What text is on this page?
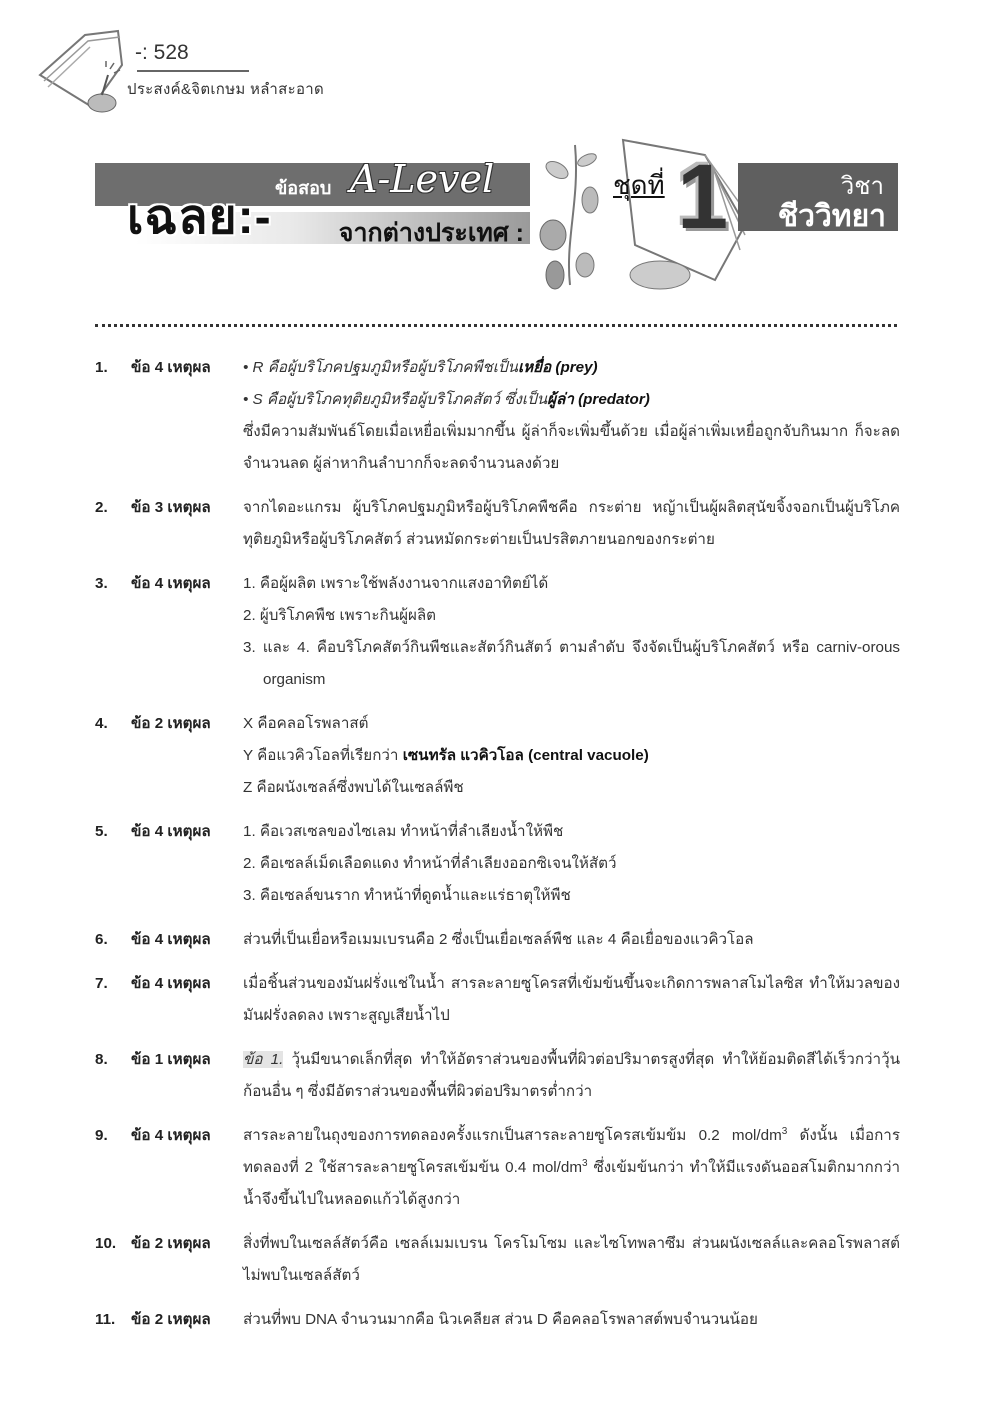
-: 528
ประสงค์&จิตเกษม หลำสะอาด
ข้อสอบ A-Level
เฉลย:-	จากต่างประเทศ :
ชุดที่ 1	วิชา
ชีววิทยา
1. ข้อ 4 เหตุผล • R คือผู้บริโภคปฐมภูมิหรือผู้บริโภคพืชเป็นเหยื่อ (prey)
• S คือผู้บริโภคทุติยภูมิหรือผู้บริโภคสัตว์ ซึ่งเป็นผู้ล่า (predator)
ซึ่งมีความสัมพันธ์โดยเมื่อเหยื่อเพิ่มมากขึ้น ผู้ล่าก็จะเพิ่มขึ้นด้วย เมื่อผู้ล่าเพิ่มเหยื่อถูกจับกินมาก ก็จะลดจำนวนลด ผู้ล่าหากินลำบากก็จะลดจำนวนลงด้วย
2. ข้อ 3 เหตุผล จากไดอะแกรม ผู้บริโภคปฐมภูมิหรือผู้บริโภคพืชคือ กระต่าย หญ้าเป็นผู้ผลิตสุนัขจิ้งจอกเป็นผู้บริโภคทุติยภูมิหรือผู้บริโภคสัตว์ ส่วนหมัดกระต่ายเป็นปรสิตภายนอกของกระต่าย
3. ข้อ 4 เหตุผล 1. คือผู้ผลิต เพราะใช้พลังงานจากแสงอาทิตย์ได้
2. ผู้บริโภคพืช เพราะกินผู้ผลิต
3. และ 4. คือบริโภคสัตว์กินพืชและสัตว์กินสัตว์ ตามลำดับ จึงจัดเป็นผู้บริโภคสัตว์ หรือ carniv-orous organism
4. ข้อ 2 เหตุผล X คือคลอโรพลาสต์
Y คือแวคิวโอลที่เรียกว่า เซนทรัล แวคิวโอล (central vacuole)
Z คือผนังเซลล์ซึ่งพบได้ในเซลล์พืช
5. ข้อ 4 เหตุผล 1. คือเวสเซลของไซเลม ทำหน้าที่ลำเลียงน้ำให้พืช
2. คือเซลล์เม็ดเลือดแดง ทำหน้าที่ลำเลียงออกซิเจนให้สัตว์
3. คือเซลล์ขนราก ทำหน้าที่ดูดน้ำและแร่ธาตุให้พืช
6. ข้อ 4 เหตุผล ส่วนที่เป็นเยื่อหรือเมมเบรนคือ 2 ซึ่งเป็นเยื่อเซลล์พืช และ 4 คือเยื่อของแวคิวโอล
7. ข้อ 4 เหตุผล เมื่อชิ้นส่วนของมันฝรั่งแช่ในน้ำ สารละลายซูโครสที่เข้มข้นขึ้นจะเกิดการพลาสโมไลซิส ทำให้มวลของมันฝรั่งลดลง เพราะสูญเสียน้ำไป
8. ข้อ 1 เหตุผล ข้อ 1. วุ้นมีขนาดเล็กที่สุด ทำให้อัตราส่วนของพื้นที่ผิวต่อปริมาตรสูงที่สุด ทำให้ย้อมติดสีได้เร็วกว่าวุ้นก้อนอื่น ๆ ซึ่งมีอัตราส่วนของพื้นที่ผิวต่อปริมาตรต่ำกว่า
9. ข้อ 4 เหตุผล สารละลายในถุงของการทดลองครั้งแรกเป็นสารละลายซูโครสเข้มข้ม 0.2 mol/$dm^3$ ดังนั้น เมื่อการทดลองที่ 2 ใช้สารละลายซูโครสเข้มข้น 0.4 mol/$dm^3$ ซึ่งเข้มข้นกว่า ทำให้มีแรงดันออสโมติกมากกว่า น้ำจึงขึ้นไปในหลอดแก้วได้สูงกว่า
10. ข้อ 2 เหตุผล สิ่งที่พบในเซลล์สัตว์คือ เซลล์เมมเบรน โครโมโซม และไซโทพลาซึม ส่วนผนังเซลล์และคลอโรพลาสต์ไม่พบในเซลล์สัตว์
11. ข้อ 2 เหตุผล ส่วนที่พบ DNA จำนวนมากคือ นิวเคลียส ส่วน D คือคลอโรพลาสต์พบจำนวนน้อย
